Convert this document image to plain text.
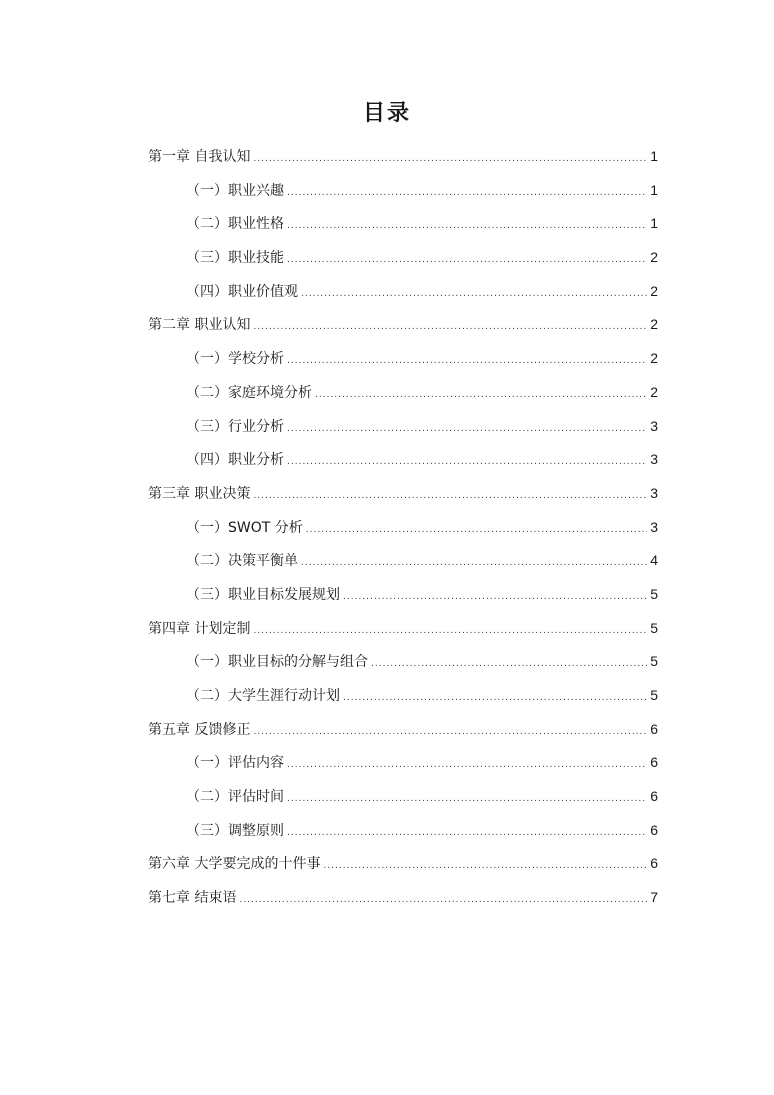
目录
第一章 自我认知 .....	1
（一）职业兴趣 .....	1
（二）职业性格 .....	1
（三）职业技能 .....	2
（四）职业价值观 .....	2
第二章 职业认知 .....	2
（一）学校分析 .....	2
（二）家庭环境分析 .....	2
（三）行业分析 .....	3
（四）职业分析 .....	3
第三章 职业决策 .....	3
（一）SWOT 分析 .....	3
（二）决策平衡单 .....	4
（三）职业目标发展规划 .....	5
第四章 计划定制 .....	5
（一）职业目标的分解与组合 .....	5
（二）大学生涯行动计划 .....	5
第五章 反馈修正 .....	6
（一）评估内容 .....	6
（二）评估时间 .....	6
（三）调整原则 .....	6
第六章 大学要完成的十件事 .....	6
第七章 结束语 .....	7
